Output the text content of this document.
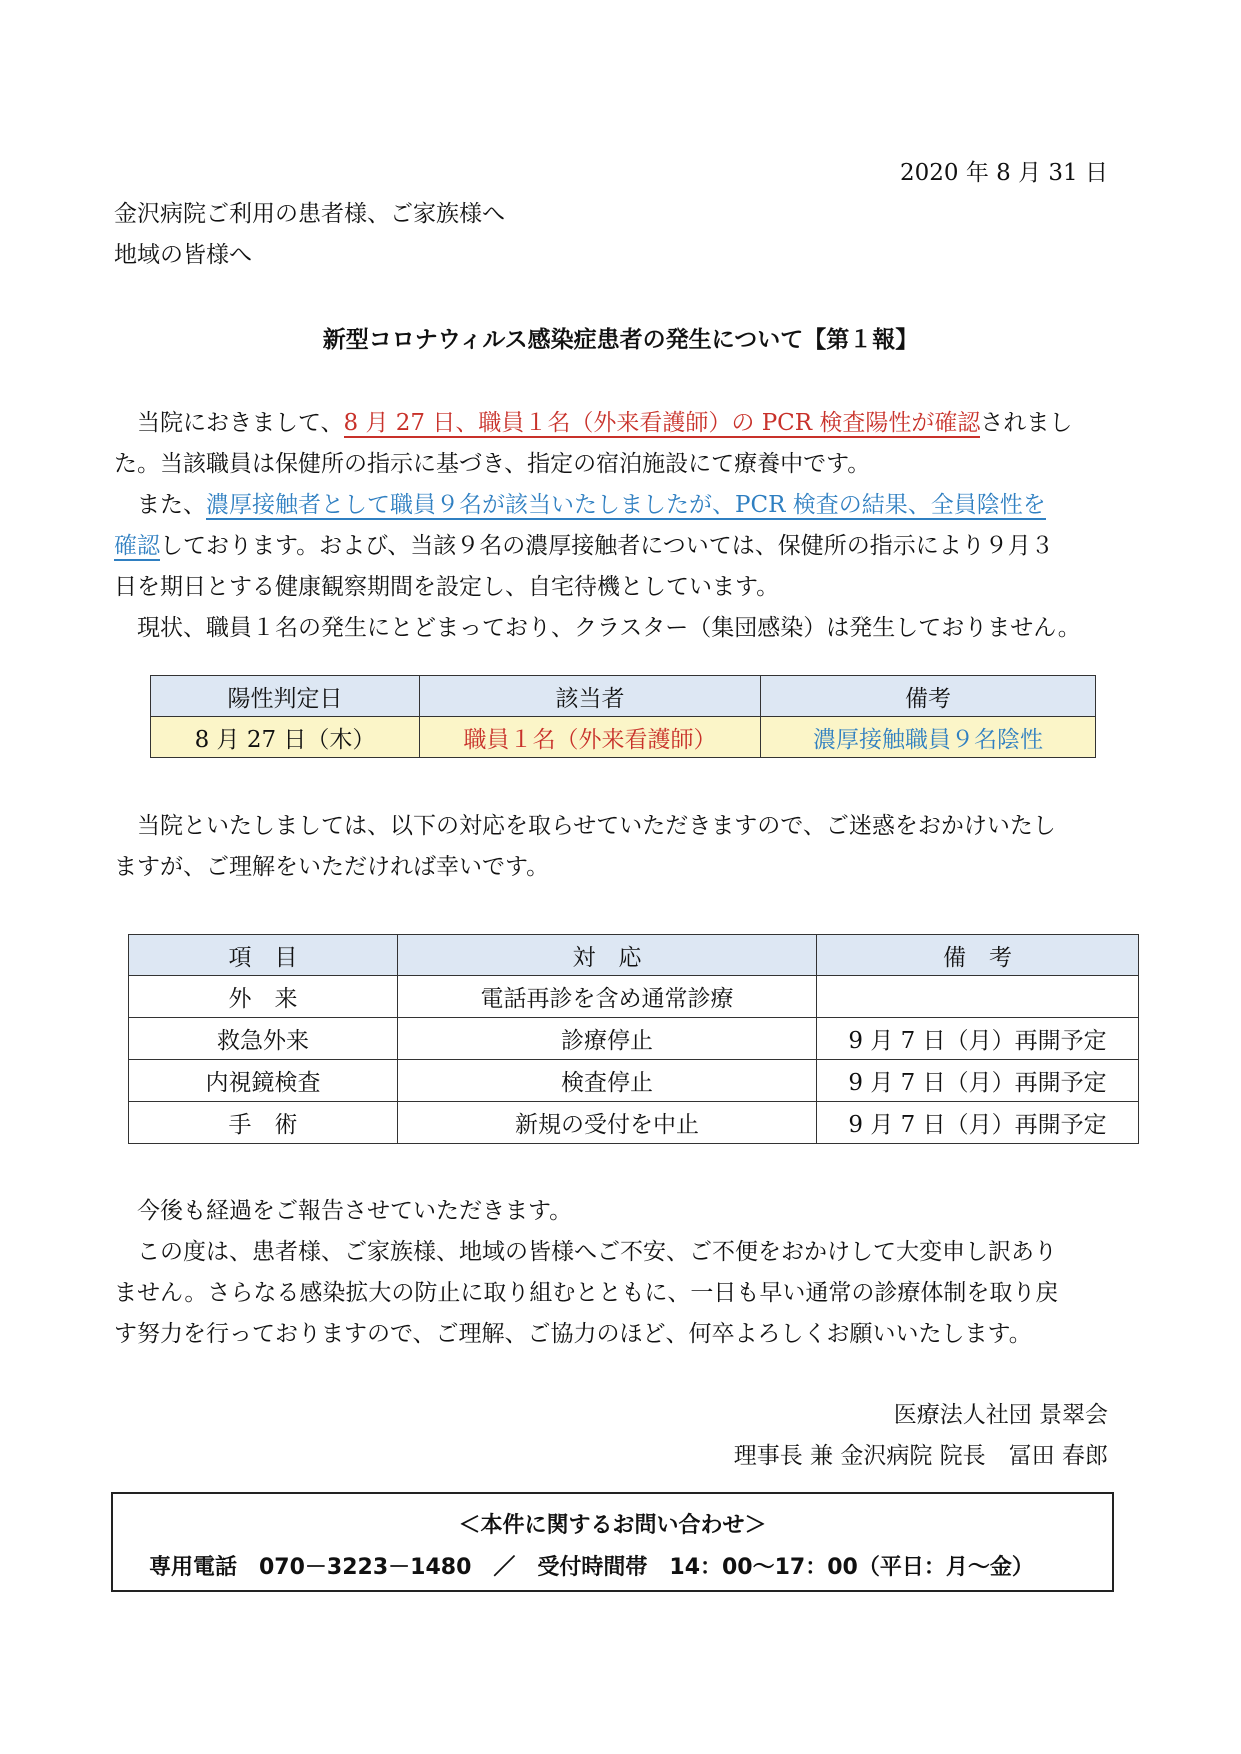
2020 年 8 月 31 日
金沢病院ご利用の患者様、ご家族様へ
地域の皆様へ
新型コロナウィルス感染症患者の発生について【第１報】
当院におきまして、8 月 27 日、職員１名（外来看護師）の PCR 検査陽性が確認されまし
た。当該職員は保健所の指示に基づき、指定の宿泊施設にて療養中です。
また、濃厚接触者として職員９名が該当いたしましたが、PCR 検査の結果、全員陰性を
確認しております。および、当該９名の濃厚接触者については、保健所の指示により９月３
日を期日とする健康観察期間を設定し、自宅待機としています。
現状、職員１名の発生にとどまっており、クラスター（集団感染）は発生しておりません。
陽性判定日	該当者	備考
8 月 27 日（木）	職員１名（外来看護師）	濃厚接触職員９名陰性
当院といたしましては、以下の対応を取らせていただきますので、ご迷惑をおかけいたし
ますが、ご理解をいただければ幸いです。
項　目	対　応	備　考
外　来	電話再診を含め通常診療	
救急外来	診療停止	9 月 7 日（月）再開予定
内視鏡検査	検査停止	9 月 7 日（月）再開予定
手　術	新規の受付を中止	9 月 7 日（月）再開予定
今後も経過をご報告させていただきます。
この度は、患者様、ご家族様、地域の皆様へご不安、ご不便をおかけして大変申し訳あり
ません。さらなる感染拡大の防止に取り組むとともに、一日も早い通常の診療体制を取り戻
す努力を行っておりますので、ご理解、ご協力のほど、何卒よろしくお願いいたします。
医療法人社団 景翠会
理事長 兼 金沢病院 院長　冨田 春郎
＜本件に関するお問い合わせ＞
専用電話　070－3223－1480　／　受付時間帯　14：00～17：00（平日：月～金）
